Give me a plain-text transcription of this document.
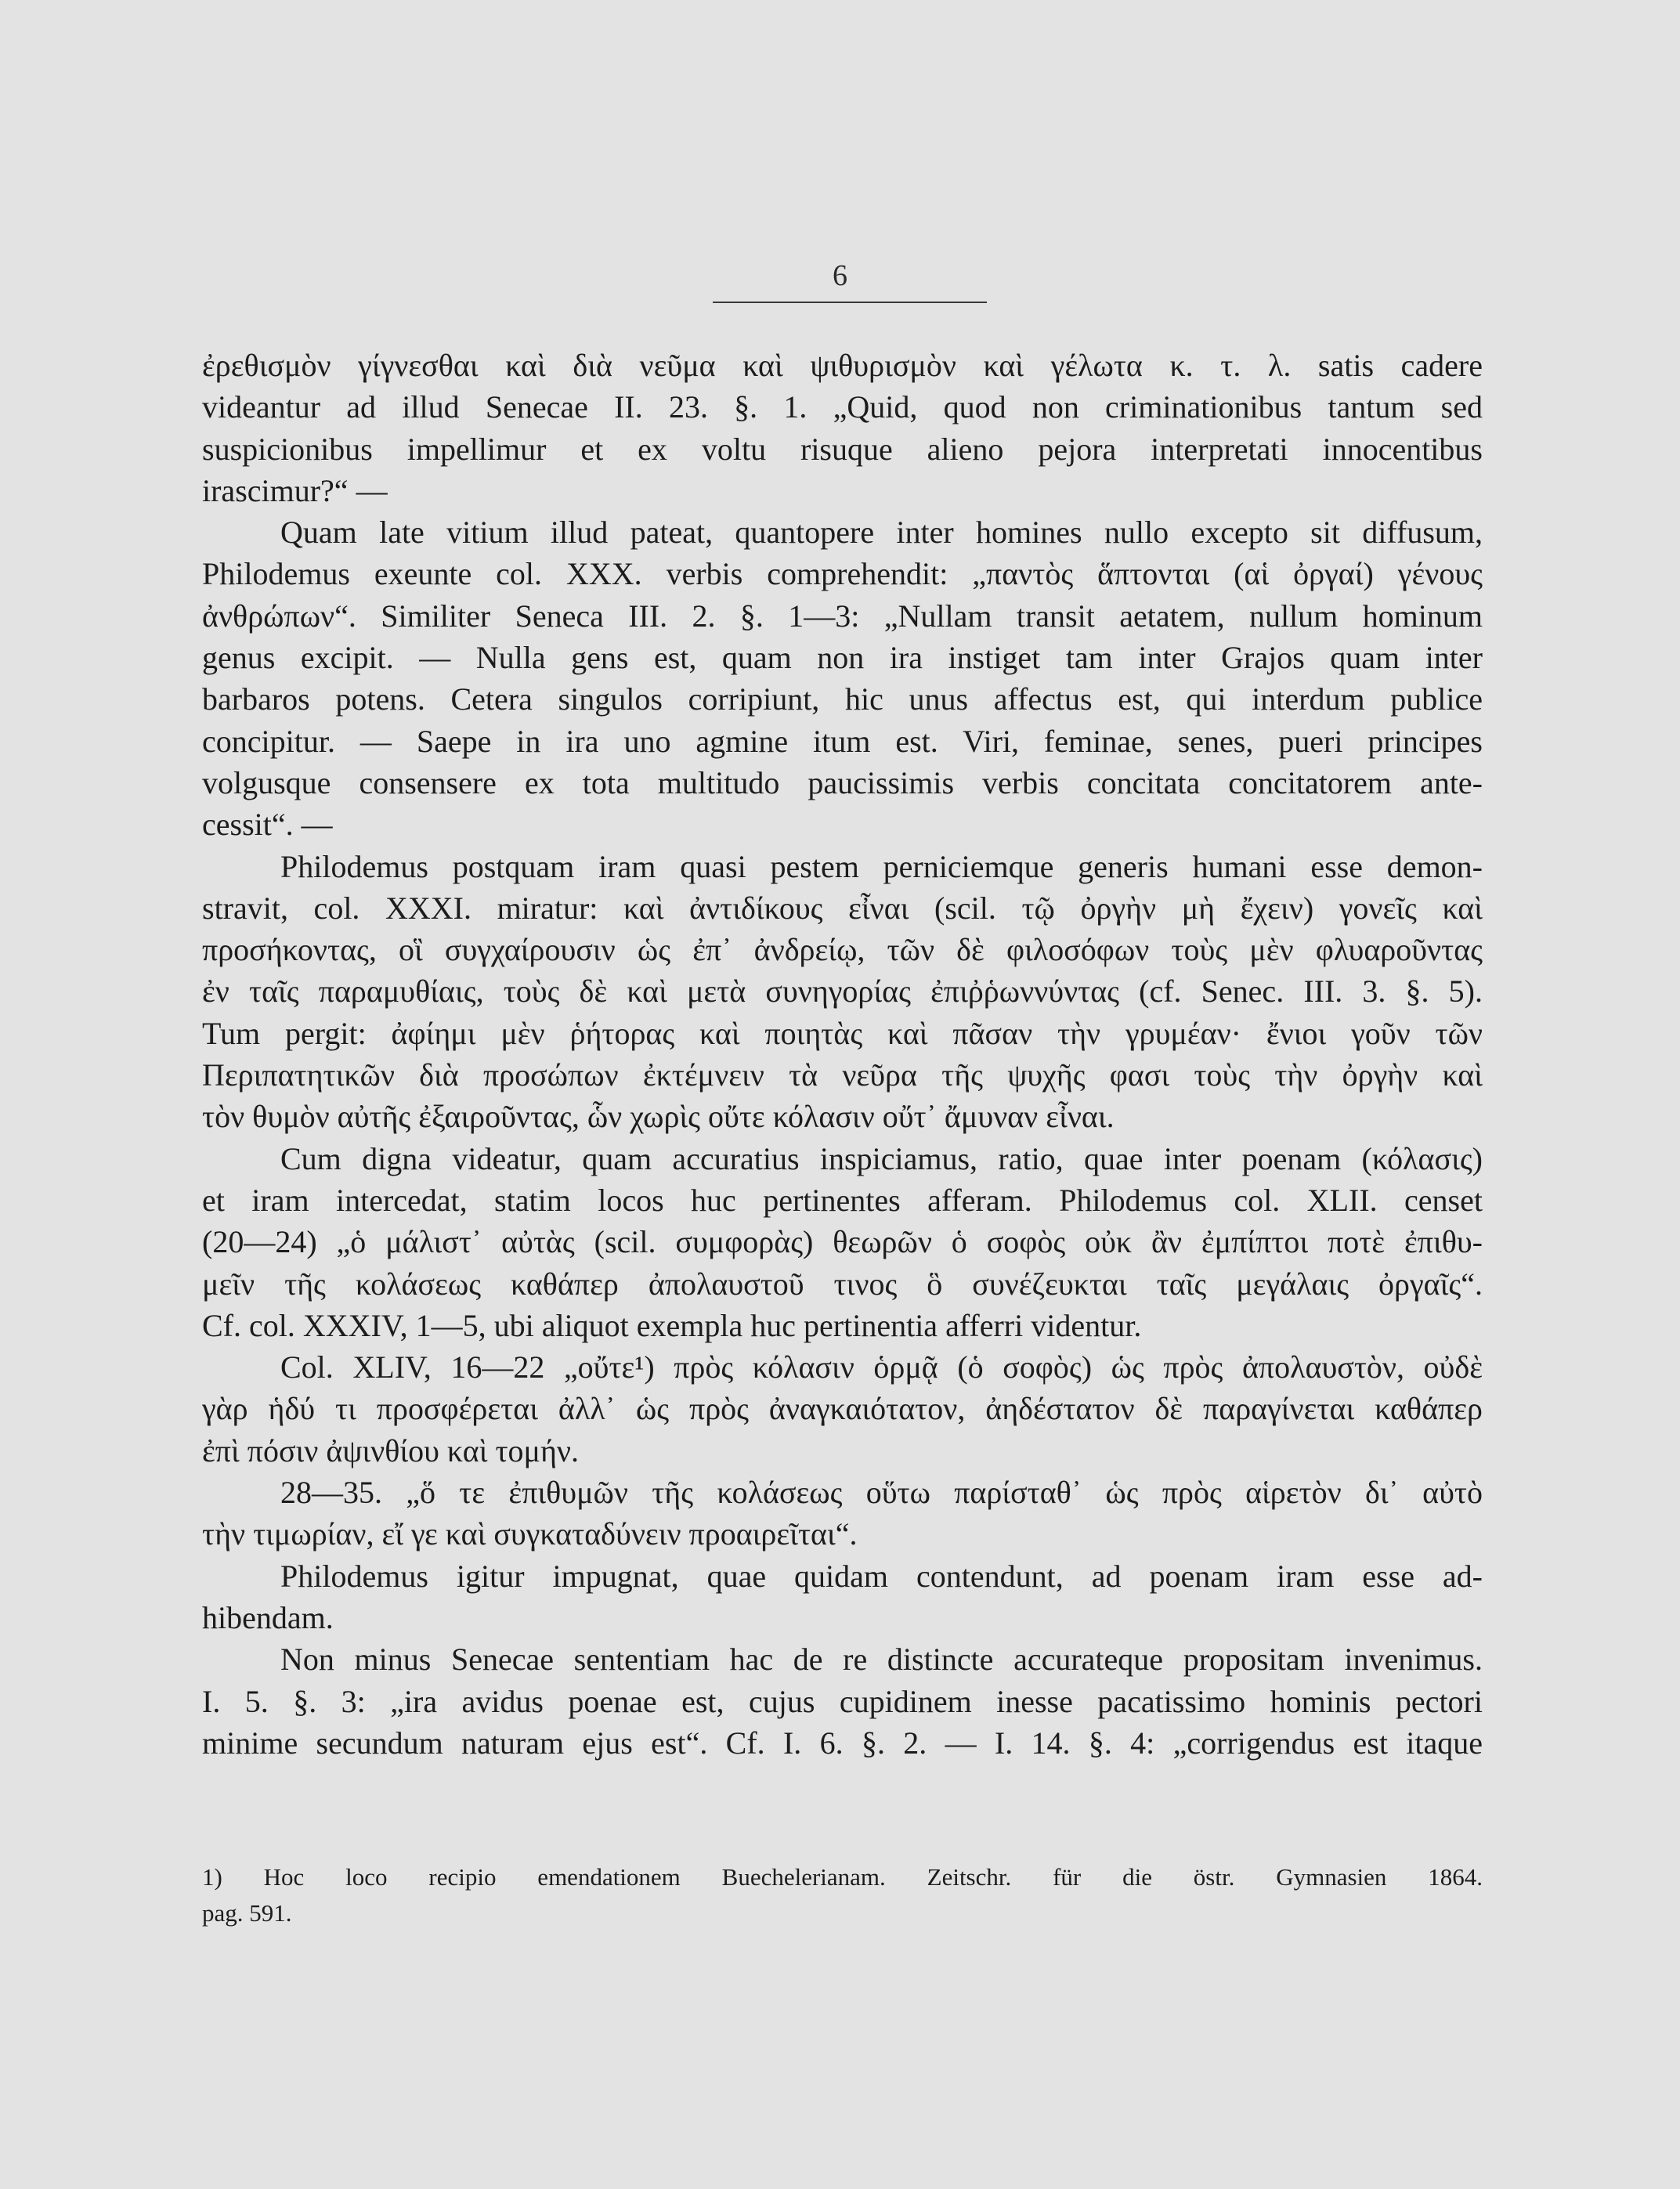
6
ἐρεθισμὸν γίγνεσθαι καὶ διὰ νεῦμα καὶ ψιθυρισμὸν καὶ γέλωτα κ. τ. λ. satis cadere
videantur ad illud Senecae II. 23. §. 1. „Quid, quod non criminationibus tantum sed
suspicionibus impellimur et ex voltu risuque alieno pejora interpretati innocentibus
irascimur?“ —
Quam late vitium illud pateat, quantopere inter homines nullo excepto sit diffusum,
Philodemus exeunte col. XXX. verbis comprehendit: „παντὸς ἅπτονται (αἱ ὀργαί) γένους
ἀνθρώπων“. Similiter Seneca III. 2. §. 1—3: „Nullam transit aetatem, nullum hominum
genus excipit. — Nulla gens est, quam non ira instiget tam inter Grajos quam inter
barbaros potens. Cetera singulos corripiunt, hic unus affectus est, qui interdum publice
concipitur. — Saepe in ira uno agmine itum est. Viri, feminae, senes, pueri principes
volgusque consensere ex tota multitudo paucissimis verbis concitata concitatorem ante-
cessit“. —
Philodemus postquam iram quasi pestem perniciemque generis humani esse demon-
stravit, col. XXXI. miratur: καὶ ἀντιδίκους εἶναι (scil. τῷ ὀργὴν μὴ ἔχειν) γονεῖς καὶ
προσήκοντας, οἳ συγχαίρουσιν ὡς ἐπ᾽ ἀνδρείῳ, τῶν δὲ φιλοσόφων τοὺς μὲν φλυαροῦντας
ἐν ταῖς παραμυθίαις, τοὺς δὲ καὶ μετὰ συνηγορίας ἐπιῤῥωννύντας (cf. Senec. III. 3. §. 5).
Tum pergit: ἀφίημι μὲν ῥήτορας καὶ ποιητὰς καὶ πᾶσαν τὴν γρυμέαν· ἔνιοι γοῦν τῶν
Περιπατητικῶν διὰ προσώπων ἐκτέμνειν τὰ νεῦρα τῆς ψυχῆς φασι τοὺς τὴν ὀργὴν καὶ
τὸν θυμὸν αὐτῆς ἐξαιροῦντας, ὧν χωρὶς οὔτε κόλασιν οὔτ᾽ ἄμυναν εἶναι.
Cum digna videatur, quam accuratius inspiciamus, ratio, quae inter poenam (κόλασις)
et iram intercedat, statim locos huc pertinentes afferam. Philodemus col. XLII. censet
(20—24) „ὁ μάλιστ᾽ αὐτὰς (scil. συμφορὰς) θεωρῶν ὁ σοφὸς οὐκ ἂν ἐμπίπτοι ποτὲ ἐπιθυ-
μεῖν τῆς κολάσεως καθάπερ ἀπολαυστοῦ τινος ὃ συνέζευκται ταῖς μεγάλαις ὀργαῖς“.
Cf. col. XXXIV, 1—5, ubi aliquot exempla huc pertinentia afferri videntur.
Col. XLIV, 16—22 „οὔτε¹) πρὸς κόλασιν ὁρμᾷ (ὁ σοφὸς) ὡς πρὸς ἀπολαυστὸν, οὐδὲ
γὰρ ἡδύ τι προσφέρεται ἀλλ᾽ ὡς πρὸς ἀναγκαιότατον, ἀηδέστατον δὲ παραγίνεται καθάπερ
ἐπὶ πόσιν ἀψινθίου καὶ τομήν.
28—35. „ὅ τε ἐπιθυμῶν τῆς κολάσεως οὕτω παρίσταθ᾽ ὡς πρὸς αἱρετὸν δι᾽ αὐτὸ
τὴν τιμωρίαν, εἴ γε καὶ συγκαταδύνειν προαιρεῖται“.
Philodemus igitur impugnat, quae quidam contendunt, ad poenam iram esse ad-
hibendam.
Non minus Senecae sententiam hac de re distincte accurateque propositam invenimus.
I. 5. §. 3: „ira avidus poenae est, cujus cupidinem inesse pacatissimo hominis pectori
minime secundum naturam ejus est“. Cf. I. 6. §. 2. — I. 14. §. 4: „corrigendus est itaque
1) Hoc loco recipio emendationem Buechelerianam. Zeitschr. für die östr. Gymnasien 1864.
pag. 591.
